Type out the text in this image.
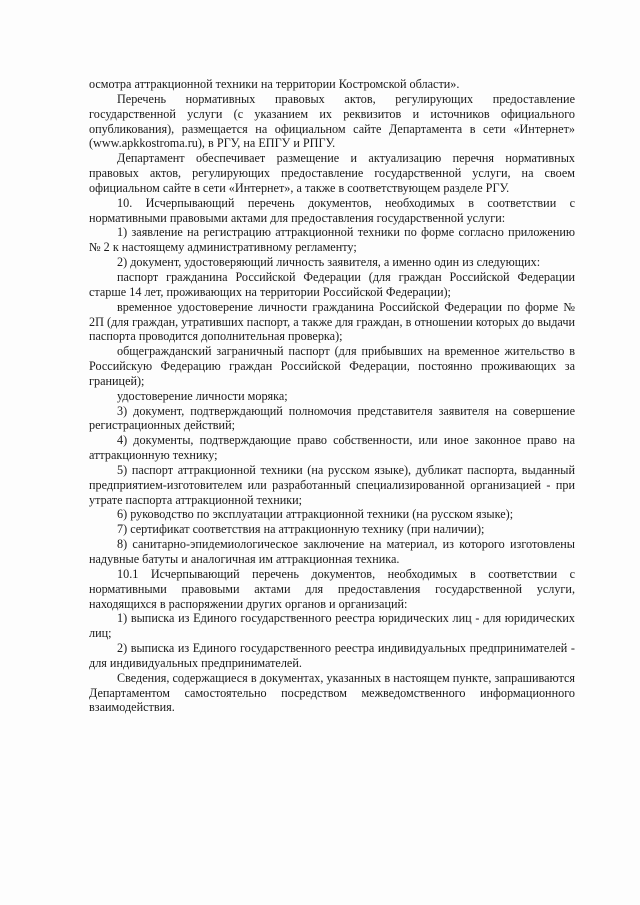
осмотра аттракционной техники на территории Костромской области».

Перечень нормативных правовых актов, регулирующих предоставление государственной услуги (с указанием их реквизитов и источников официального опубликования), размещается на официальном сайте Департамента в сети «Интернет» (www.apkkostroma.ru), в РГУ, на ЕПГУ и РПГУ.

Департамент обеспечивает размещение и актуализацию перечня нормативных правовых актов, регулирующих предоставление государственной услуги, на своем официальном сайте в сети «Интернет», а также в соответствующем разделе РГУ.

10. Исчерпывающий перечень документов, необходимых в соответствии с нормативными правовыми актами для предоставления государственной услуги:

1) заявление на регистрацию аттракционной техники по форме согласно приложению № 2 к настоящему административному регламенту;

2) документ, удостоверяющий личность заявителя, а именно один из следующих:

паспорт гражданина Российской Федерации (для граждан Российской Федерации старше 14 лет, проживающих на территории Российской Федерации);

временное удостоверение личности гражданина Российской Федерации по форме № 2П (для граждан, утративших паспорт, а также для граждан, в отношении которых до выдачи паспорта проводится дополнительная проверка);

общегражданский заграничный паспорт (для прибывших на временное жительство в Российскую Федерацию граждан Российской Федерации, постоянно проживающих за границей);

удостоверение личности моряка;

3) документ, подтверждающий полномочия представителя заявителя на совершение регистрационных действий;

4) документы, подтверждающие право собственности, или иное законное право на аттракционную технику;

5) паспорт аттракционной техники (на русском языке), дубликат паспорта, выданный предприятием-изготовителем или разработанный специализированной организацией - при утрате паспорта аттракционной техники;

6) руководство по эксплуатации аттракционной техники (на русском языке);

7) сертификат соответствия на аттракционную технику (при наличии);

8) санитарно-эпидемиологическое заключение на материал, из которого изготовлены надувные батуты и аналогичная им аттракционная техника.

10.1 Исчерпывающий перечень документов, необходимых в соответствии с нормативными правовыми актами для предоставления государственной услуги, находящихся в распоряжении других органов и организаций:

1) выписка из Единого государственного реестра юридических лиц - для юридических лиц;

2) выписка из Единого государственного реестра индивидуальных предпринимателей - для индивидуальных предпринимателей.

Сведения, содержащиеся в документах, указанных в настоящем пункте, запрашиваются Департаментом самостоятельно посредством межведомственного информационного взаимодействия.
